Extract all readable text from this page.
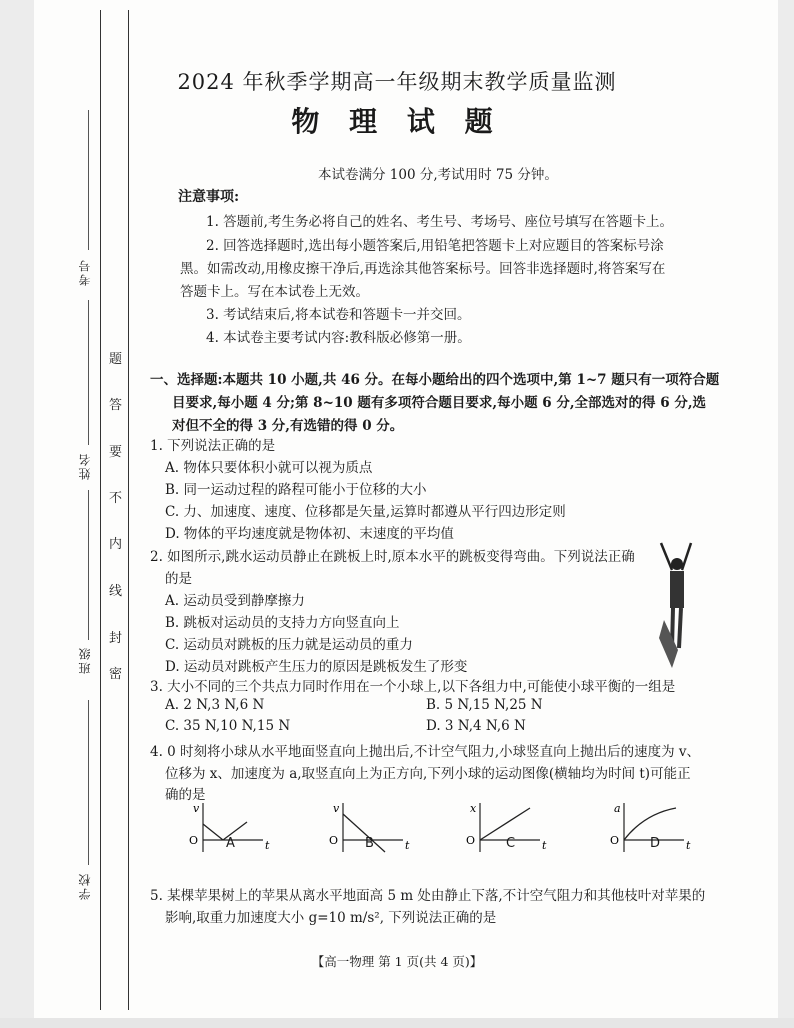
考号
姓名
班级
学校
题
答
要
不
内
线
封
密
2024 年秋季学期高一年级期末教学质量监测
物 理 试 题
本试卷满分 100 分,考试用时 75 分钟。
注意事项:
1. 答题前,考生务必将自己的姓名、考生号、考场号、座位号填写在答题卡上。
2. 回答选择题时,选出每小题答案后,用铅笔把答题卡上对应题目的答案标号涂
黑。如需改动,用橡皮擦干净后,再选涂其他答案标号。回答非选择题时,将答案写在
答题卡上。写在本试卷上无效。
3. 考试结束后,将本试卷和答题卡一并交回。
4. 本试卷主要考试内容:教科版必修第一册。
一、选择题:本题共 10 小题,共 46 分。在每小题给出的四个选项中,第 1~7 题只有一项符合题
目要求,每小题 4 分;第 8~10 题有多项符合题目要求,每小题 6 分,全部选对的得 6 分,选
对但不全的得 3 分,有选错的得 0 分。
1. 下列说法正确的是
A. 物体只要体积小就可以视为质点
B. 同一运动过程的路程可能小于位移的大小
C. 力、加速度、速度、位移都是矢量,运算时都遵从平行四边形定则
D. 物体的平均速度就是物体初、末速度的平均值
2. 如图所示,跳水运动员静止在跳板上时,原本水平的跳板变得弯曲。下列说法正确
的是
A. 运动员受到静摩擦力
B. 跳板对运动员的支持力方向竖直向上
C. 运动员对跳板的压力就是运动员的重力
D. 运动员对跳板产生压力的原因是跳板发生了形变
3. 大小不同的三个共点力同时作用在一个小球上,以下各组力中,可能使小球平衡的一组是
A. 2 N,3 N,6 N	B. 5 N,15 N,25 N
C. 35 N,10 N,15 N	D. 3 N,4 N,6 N
4. 0 时刻将小球从水平地面竖直向上抛出后,不计空气阻力,小球竖直向上抛出后的速度为 v、
位移为 x、加速度为 a,取竖直向上为正方向,下列小球的运动图像(横轴均为时间 t)可能正
确的是
v
O	t
v
O	t
x
O	t
a
O	t
A	B	C	D
5. 某棵苹果树上的苹果从离水平地面高 5 m 处由静止下落,不计空气阻力和其他枝叶对苹果的
影响,取重力加速度大小 g=10 m/s², 下列说法正确的是
【高一物理 第 1 页(共 4 页)】
